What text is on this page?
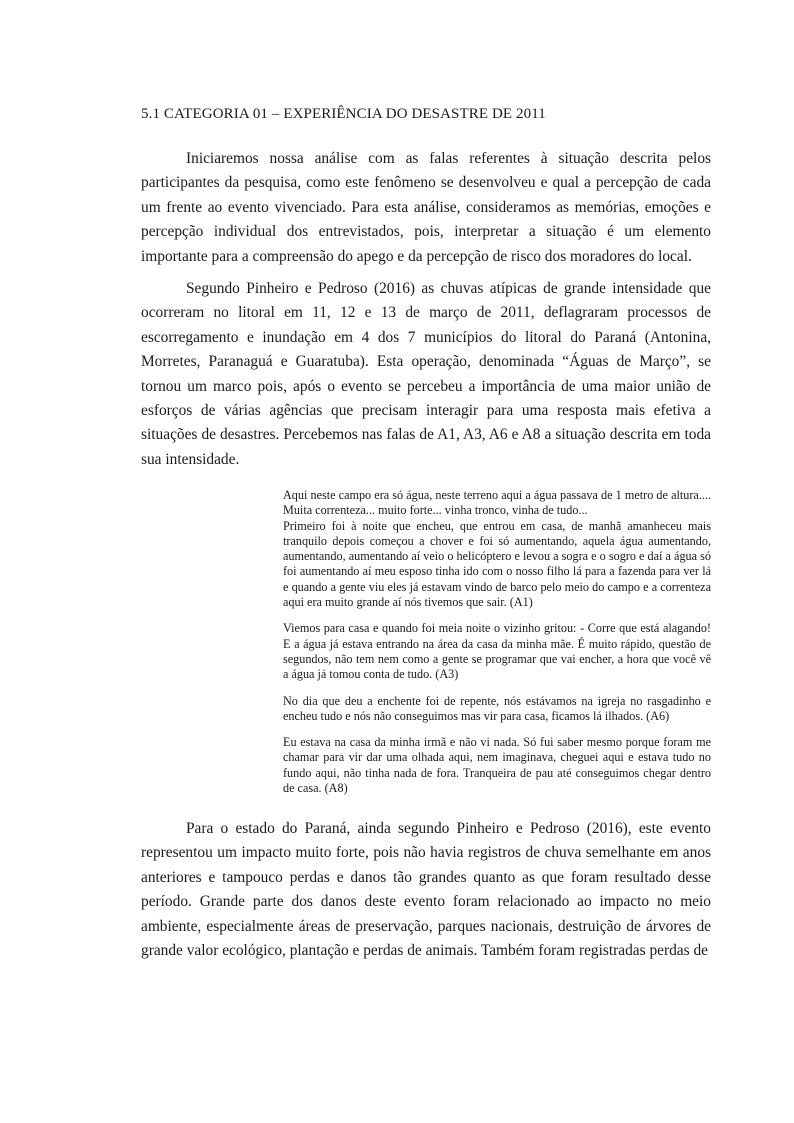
5.1 CATEGORIA 01 – EXPERIÊNCIA DO DESASTRE DE 2011

Iniciaremos nossa análise com as falas referentes à situação descrita pelos participantes da pesquisa, como este fenômeno se desenvolveu e qual a percepção de cada um frente ao evento vivenciado. Para esta análise, consideramos as memórias, emoções e percepção individual dos entrevistados, pois, interpretar a situação é um elemento importante para a compreensão do apego e da percepção de risco dos moradores do local.

Segundo Pinheiro e Pedroso (2016) as chuvas atípicas de grande intensidade que ocorreram no litoral em 11, 12 e 13 de março de 2011, deflagraram processos de escorregamento e inundação em 4 dos 7 municípios do litoral do Paraná (Antonina, Morretes, Paranaguá e Guaratuba). Esta operação, denominada “Águas de Março”, se tornou um marco pois, após o evento se percebeu a importância de uma maior união de esforços de várias agências que precisam interagir para uma resposta mais efetiva a situações de desastres. Percebemos nas falas de A1, A3, A6 e A8 a situação descrita em toda sua intensidade.

Aqui neste campo era só água, neste terreno aqui a água passava de 1 metro de altura.... Muita correnteza... muito forte... vinha tronco, vinha de tudo...
Primeiro foi à noite que encheu, que entrou em casa, de manhã amanheceu mais tranquilo depois começou a chover e foi só aumentando, aquela água aumentando, aumentando, aumentando aí veio o helicóptero e levou a sogra e o sogro e daí a água só foi aumentando aí meu esposo tinha ido com o nosso filho lá para a fazenda para ver lá e quando a gente viu eles já estavam vindo de barco pelo meio do campo e a correnteza aqui era muito grande aí nós tivemos que sair. (A1)
Viemos para casa e quando foi meia noite o vizinho gritou: - Corre que está alagando! E a água já estava entrando na área da casa da minha mãe. É muito rápido, questão de segundos, não tem nem como a gente se programar que vai encher, a hora que você vê a água já tomou conta de tudo. (A3)
No dia que deu a enchente foi de repente, nós estávamos na igreja no rasgadinho e encheu tudo e nós não conseguimos mas vir para casa, ficamos lá ilhados. (A6)
Eu estava na casa da minha irmã e não vi nada. Só fui saber mesmo porque foram me chamar para vir dar uma olhada aqui, nem imaginava, cheguei aqui e estava tudo no fundo aqui, não tinha nada de fora. Tranqueira de pau até conseguimos chegar dentro de casa. (A8)

Para o estado do Paraná, ainda segundo Pinheiro e Pedroso (2016), este evento representou um impacto muito forte, pois não havia registros de chuva semelhante em anos anteriores e tampouco perdas e danos tão grandes quanto as que foram resultado desse período. Grande parte dos danos deste evento foram relacionado ao impacto no meio ambiente, especialmente áreas de preservação, parques nacionais, destruição de árvores de grande valor ecológico, plantação e perdas de animais. Também foram registradas perdas de
